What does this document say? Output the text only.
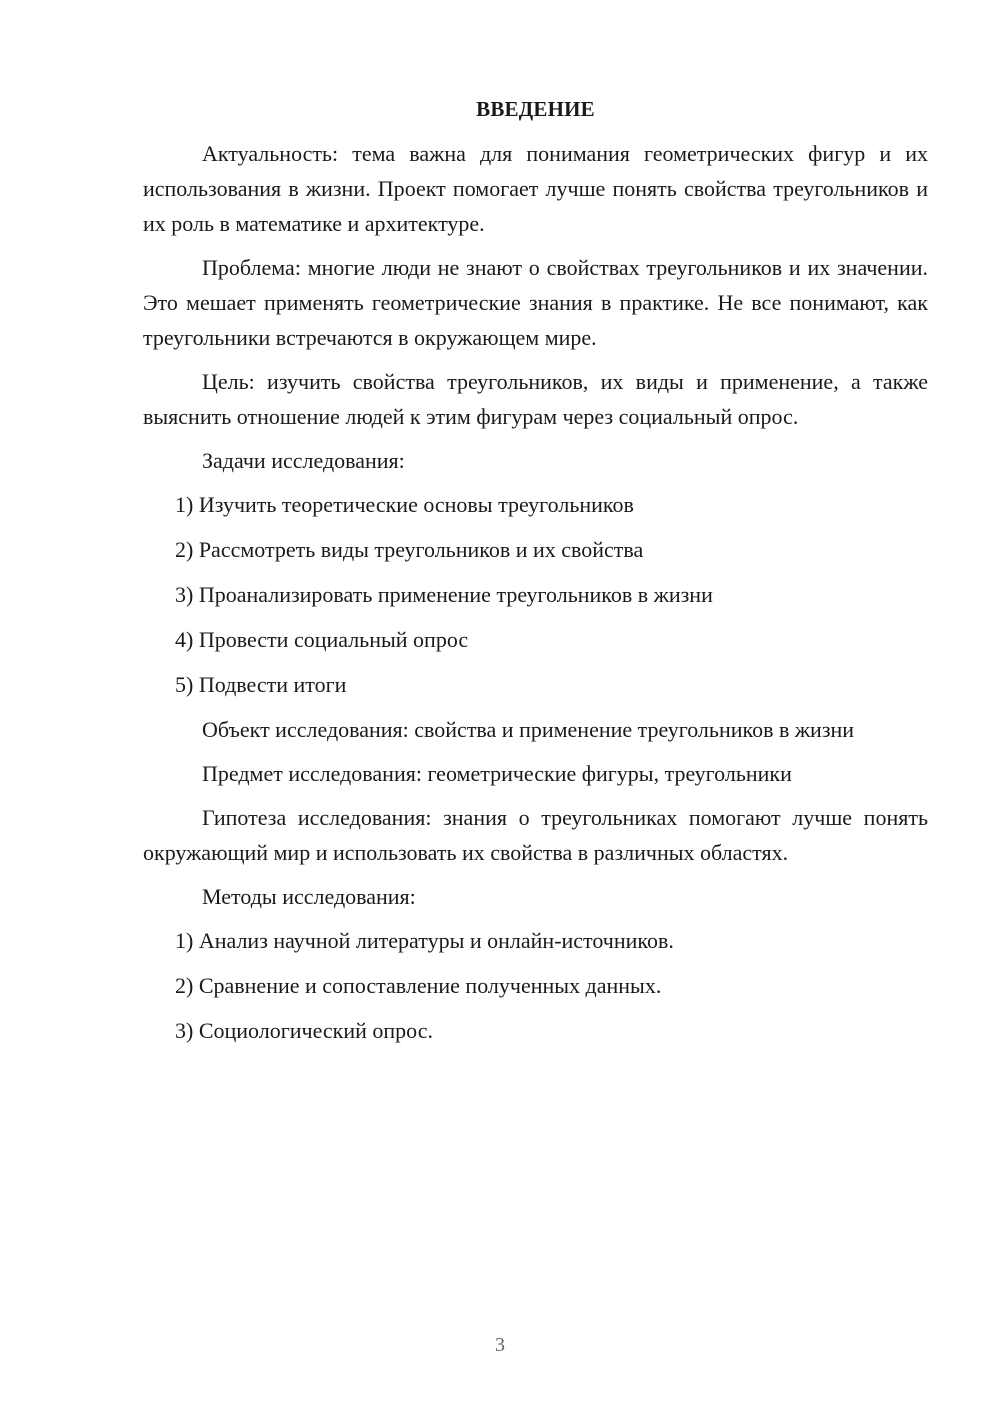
ВВЕДЕНИЕ

Актуальность: тема важна для понимания геометрических фигур и их использования в жизни. Проект помогает лучше понять свойства треугольников и их роль в математике и архитектуре.

Проблема: многие люди не знают о свойствах треугольников и их значении. Это мешает применять геометрические знания в практике. Не все понимают, как треугольники встречаются в окружающем мире.

Цель: изучить свойства треугольников, их виды и применение, а также выяснить отношение людей к этим фигурам через социальный опрос.

Задачи исследования:

1) Изучить теоретические основы треугольников
2) Рассмотреть виды треугольников и их свойства
3) Проанализировать применение треугольников в жизни
4) Провести социальный опрос
5) Подвести итоги

Объект исследования: свойства и применение треугольников в жизни

Предмет исследования: геометрические фигуры, треугольники

Гипотеза исследования: знания о треугольниках помогают лучше понять окружающий мир и использовать их свойства в различных областях.

Методы исследования:

1) Анализ научной литературы и онлайн-источников.
2) Сравнение и сопоставление полученных данных.
3) Социологический опрос.
3
